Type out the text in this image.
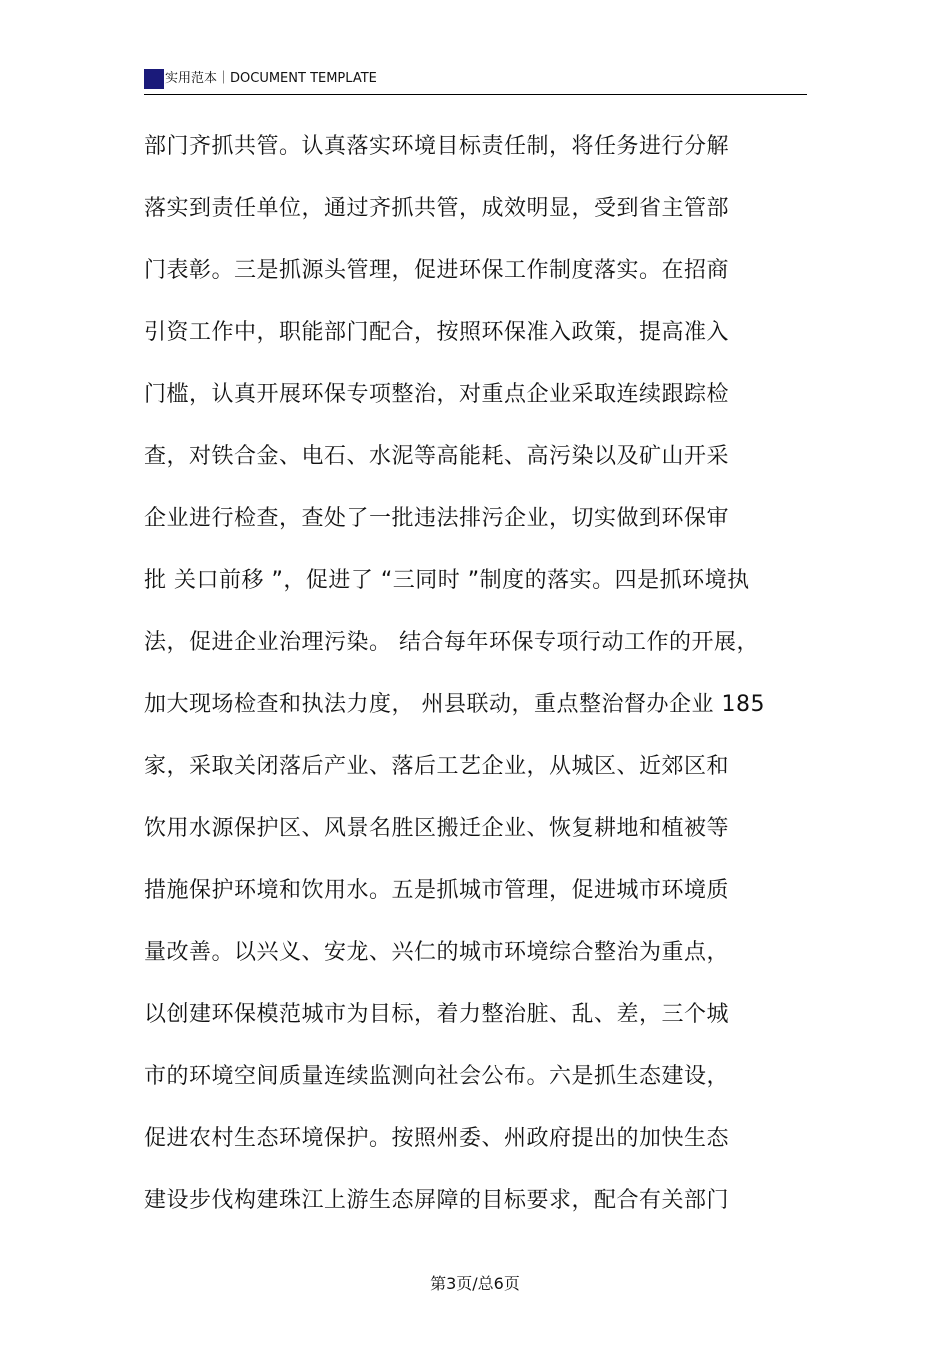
实用范本｜DOCUMENT TEMPLATE
部门齐抓共管。认真落实环境目标责任制，将任务进行分解
落实到责任单位，通过齐抓共管，成效明显，受到省主管部
门表彰。三是抓源头管理，促进环保工作制度落实。在招商
引资工作中，职能部门配合，按照环保准入政策，提高准入
门槛，认真开展环保专项整治，对重点企业采取连续跟踪检
查，对铁合金、电石、水泥等高能耗、高污染以及矿山开采
企业进行检查，查处了一批违法排污企业，切实做到环保审
批 关口前移 ”，促进了 “三同时 ”制度的落实。四是抓环境执
法，促进企业治理污染。 结合每年环保专项行动工作的开展，
加大现场检查和执法力度， 州县联动，重点整治督办企业 185
家，采取关闭落后产业、落后工艺企业，从城区、近郊区和
饮用水源保护区、风景名胜区搬迁企业、恢复耕地和植被等
措施保护环境和饮用水。五是抓城市管理，促进城市环境质
量改善。以兴义、安龙、兴仁的城市环境综合整治为重点，
以创建环保模范城市为目标，着力整治脏、乱、差，三个城
市的环境空间质量连续监测向社会公布。六是抓生态建设，
促进农村生态环境保护。按照州委、州政府提出的加快生态
建设步伐构建珠江上游生态屏障的目标要求，配合有关部门
第3页/总6页
